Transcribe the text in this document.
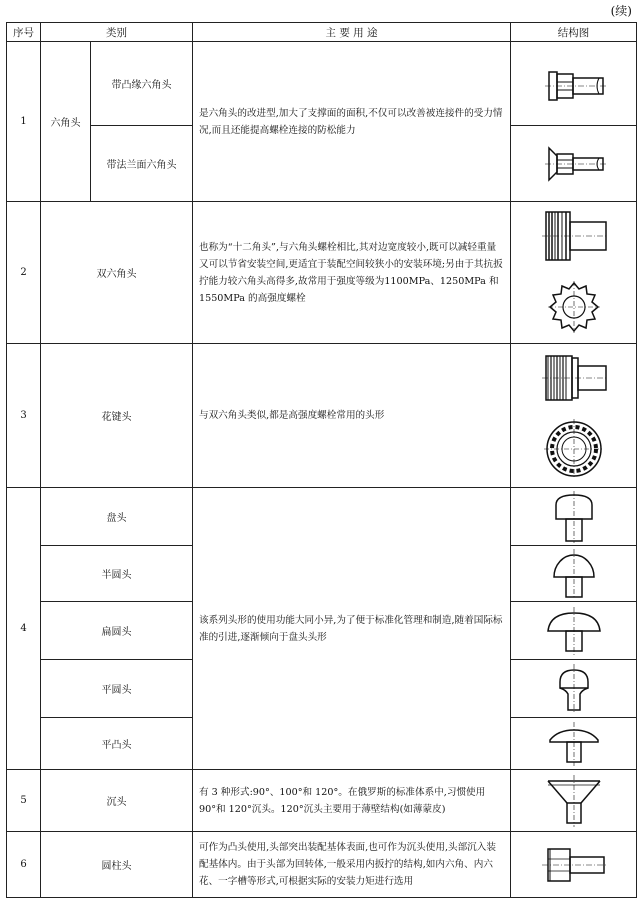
(续)
序号	类别		主 要 用 途	结构图
1	六角头	带凸缘六角头	是六角头的改进型,加大了支撑面的面积,不仅可以改善被连接件的受力情况,而且还能提高螺栓连接的防松能力	

		带法兰面六角头	

2	双六角头		也称为“十二角头”,与六角头螺栓相比,其对边宽度较小,既可以减轻重量又可以节省安装空间,更适宜于装配空间较狭小的安装环境;另由于其抗扳拧能力较六角头高得多,故常用于强度等级为1100MPa、1250MPa 和 1550MPa 的高强度螺栓	

3	花键头		与双六角头类似,都是高强度螺栓常用的头形	

4	盘头		该系列头形的使用功能大同小异,为了便于标准化管理和制造,随着国际标准的引进,逐渐倾向于盘头头形	

	半圆头	

	扁圆头	

	平圆头	

	平凸头	

5	沉头		有 3 种形式:90°、100°和 120°。在俄罗斯的标准体系中,习惯使用 90°和 120°沉头。120°沉头主要用于薄壁结构(如薄蒙皮)	

6	圆柱头		可作为凸头使用,头部突出装配基体表面,也可作为沉头使用,头部沉入装配基体内。由于头部为回转体,一般采用内扳拧的结构,如内六角、内六花、一字槽等形式,可根据实际的安装力矩进行选用	
